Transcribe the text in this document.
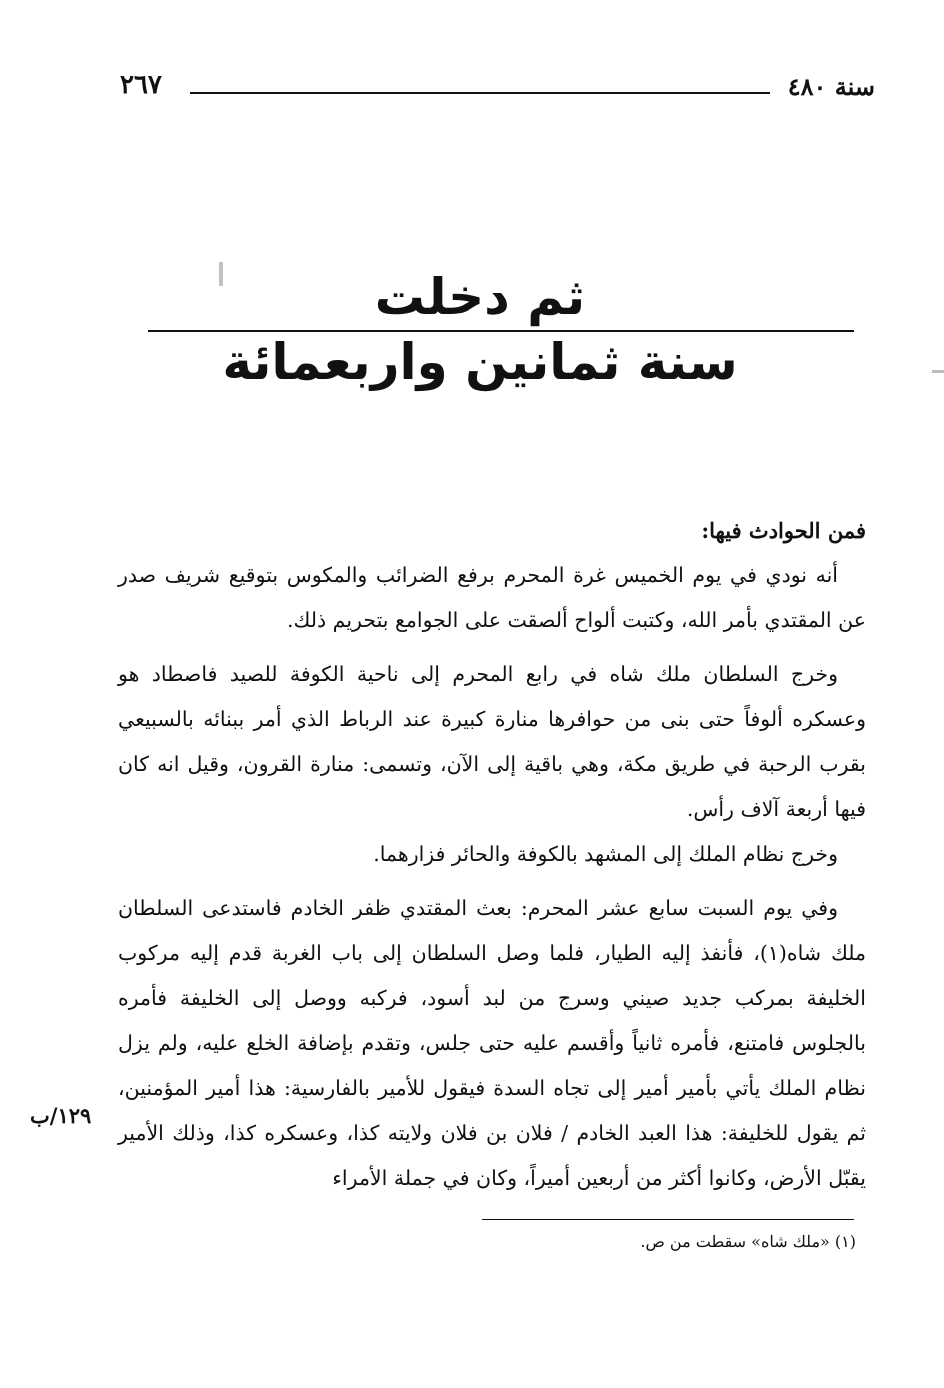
سنة ٤٨٠
٢٦٧
ثم دخلت
سنة ثمانين واربعمائة
فمن الحوادث فيها:

أنه نودي في يوم الخميس غرة المحرم برفع الضرائب والمكوس بتوقيع شريف صدر عن المقتدي بأمر الله، وكتبت ألواح ألصقت على الجوامع بتحريم ذلك.

وخرج السلطان ملك شاه في رابع المحرم إلى ناحية الكوفة للصيد فاصطاد هو وعسكره ألوفاً حتى بنى من حوافرها منارة كبيرة عند الرباط الذي أمر ببنائه بالسبيعي بقرب الرحبة في طريق مكة، وهي باقية إلى الآن، وتسمى: منارة القرون، وقيل انه كان فيها أربعة آلاف رأس.

وخرج نظام الملك إلى المشهد بالكوفة والحائر فزارهما.

وفي يوم السبت سابع عشر المحرم: بعث المقتدي ظفر الخادم فاستدعى السلطان ملك شاه(١)، فأنفذ إليه الطيار، فلما وصل السلطان إلى باب الغربة قدم إليه مركوب الخليفة بمركب جديد صيني وسرج من لبد أسود، فركبه ووصل إلى الخليفة فأمره بالجلوس فامتنع، فأمره ثانياً وأقسم عليه حتى جلس، وتقدم بإضافة الخلع عليه، ولم يزل نظام الملك يأتي بأمير أمير إلى تجاه السدة فيقول للأمير بالفارسية: هذا أمير المؤمنين، ثم يقول للخليفة: هذا العبد الخادم / فلان بن فلان ولايته كذا، وعسكره كذا، وذلك الأمير يقبّل الأرض، وكانوا أكثر من أربعين أميراً، وكان في جملة الأمراء

١٢٩/ب
(١) «ملك شاه» سقطت من ص.
